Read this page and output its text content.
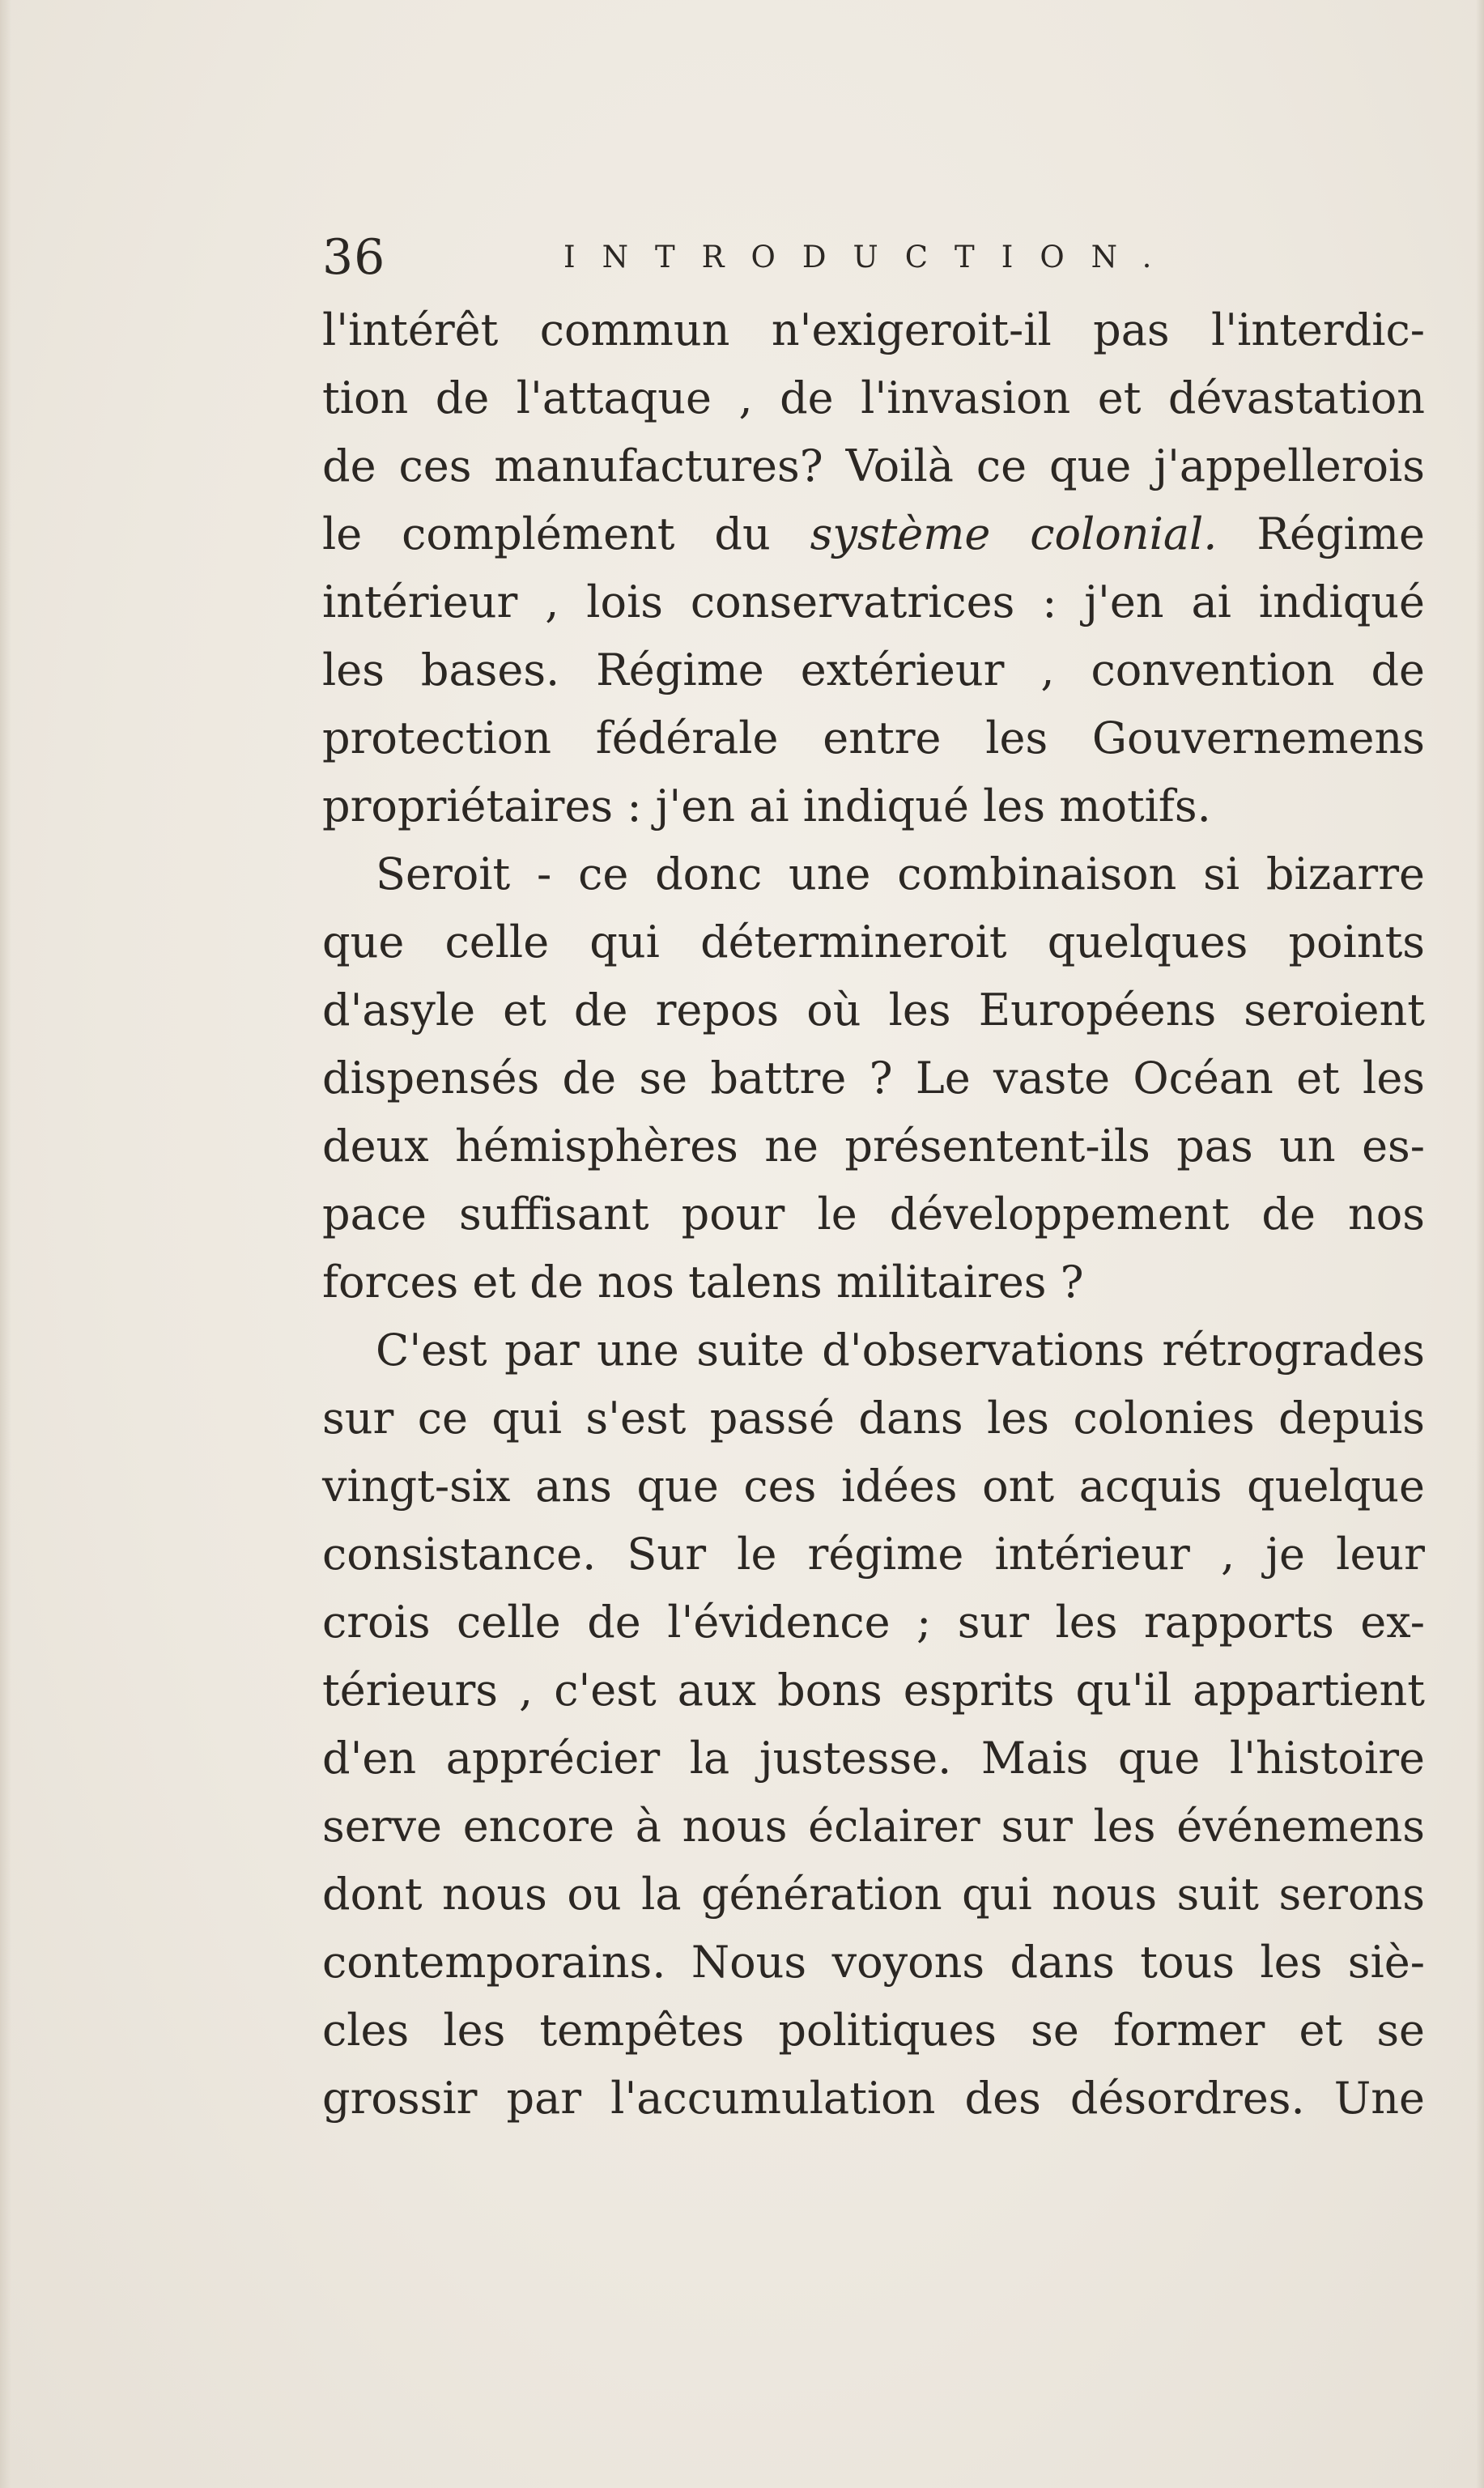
36	INTRODUCTION.
l'intérêt commun n'exigeroit-il pas l'interdic-
tion de l'attaque , de l'invasion et dévastation
de ces manufactures? Voilà ce que j'appellerois
le complément du système colonial. Régime
intérieur , lois conservatrices : j'en ai indiqué
les bases. Régime extérieur , convention de
protection fédérale entre les Gouvernemens
propriétaires : j'en ai indiqué les motifs.
Seroit - ce donc une combinaison si bizarre
que celle qui détermineroit quelques points
d'asyle et de repos où les Européens seroient
dispensés de se battre ? Le vaste Océan et les
deux hémisphères ne présentent-ils pas un es-
pace suffisant pour le développement de nos
forces et de nos talens militaires ?
C'est par une suite d'observations rétrogrades
sur ce qui s'est passé dans les colonies depuis
vingt-six ans que ces idées ont acquis quelque
consistance. Sur le régime intérieur , je leur
crois celle de l'évidence ; sur les rapports ex-
térieurs , c'est aux bons esprits qu'il appartient
d'en apprécier la justesse. Mais que l'histoire
serve encore à nous éclairer sur les événemens
dont nous ou la génération qui nous suit serons
contemporains. Nous voyons dans tous les siè-
cles les tempêtes politiques se former et se
grossir par l'accumulation des désordres. Une
